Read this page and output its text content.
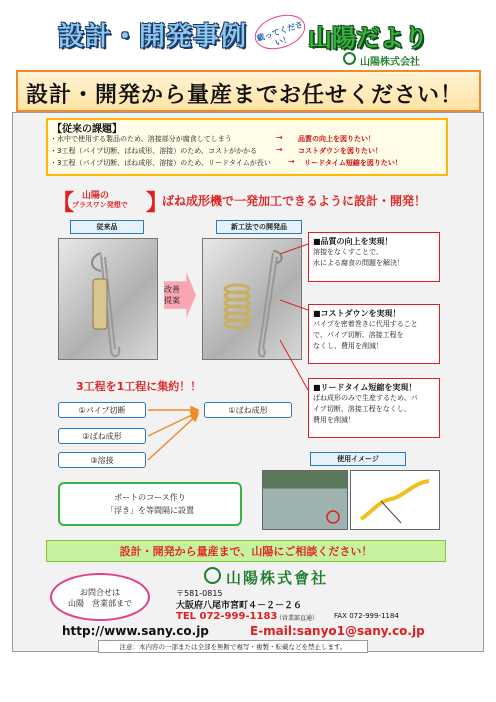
設計・開発事例	載ってください！ 山陽だより
山陽株式会社
設計・開発から量産までお任せください！
【従来の課題】
・水中で使用する製品のため、溶接部分が腐食してしまう	→ 品質の向上を図りたい！
・3工程（パイプ切断、ばね成形、溶接）のため、コストがかかる → コストダウンを図りたい！
・3工程（パイプ切断、ばね成形、溶接）のため、リードタイムが長い → リードタイム短縮を図りたい！
【 山陽の
プラスワン発想で 】
ばね成形機で一発加工できるように設計・開発！
従来品	新工法での開発品
改善
提案
■品質の向上を実現！
溶接をなくすことで、
水による腐食の問題を解決！
■コストダウンを実現！
パイプを密着巻きに代用すること
で、パイプ切断、溶接工程を
なくし、費用を削減！
■リードタイム短縮を実現！
ばね成形のみで生産するため、パ
イプ切断、溶接工程をなくし、
費用を削減！
3工程を1工程に集約！！
①パイプ切断
②ばね成形
③溶接
①ばね成形
使用イメージ
ボートのコース作り
「浮き」を等間隔に設置
設計・開発から量産まで、山陽にご相談ください！
山陽株式會社
お問合せは
山陽　営業部まで
〒581-0815
大阪府八尾市宮町４－２－２６
TEL 072-999-1183
（営業部直通） FAX 072-999-1184
http://www.sany.co.jp	E-mail:sanyo1@sany.co.jp
注意：本内容の一部または全部を無断で複写・複製・転載などを禁止します。
